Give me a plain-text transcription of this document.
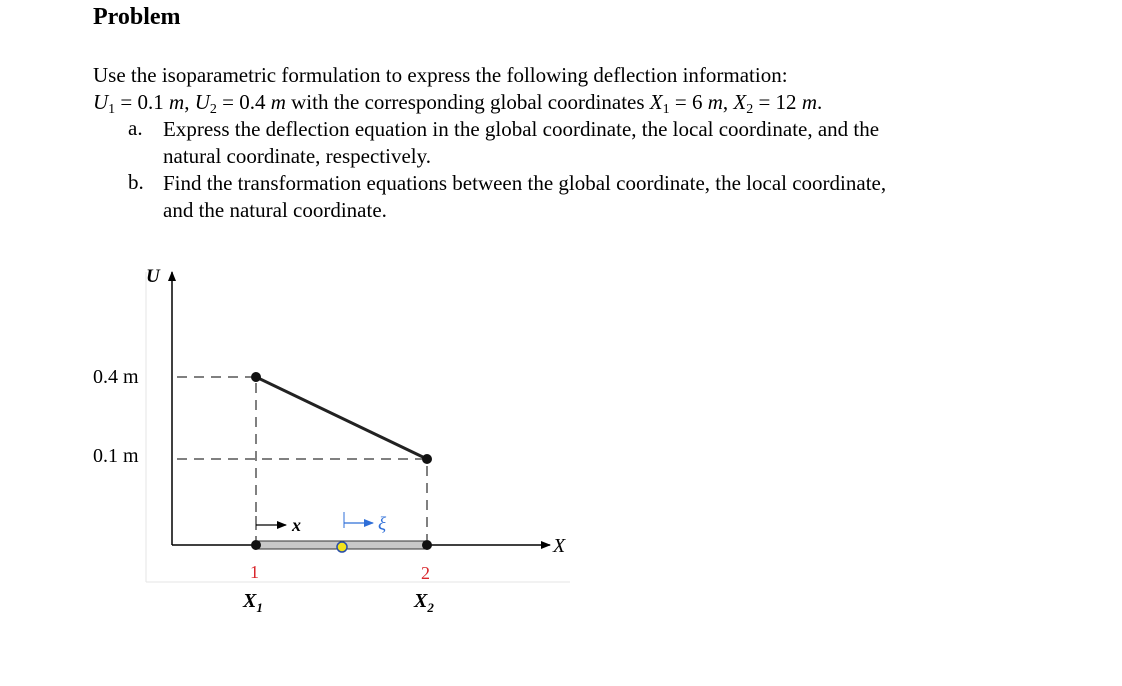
Problem
Use the isoparametric formulation to express the following deflection information:
$U_1 = 0.1$ m, $U_2 = 0.4$ m with the corresponding global coordinates $X_1 = 6$ m, $X_2 = 12$ m.
a. Express the deflection equation in the global coordinate, the local coordinate, and the
natural coordinate, respectively.
b. Find the transformation equations between the global coordinate, the local coordinate,
and the natural coordinate.
U
X
0.4 m
0.1 m
x	ξ
1	2
$X_1$	$X_2$
